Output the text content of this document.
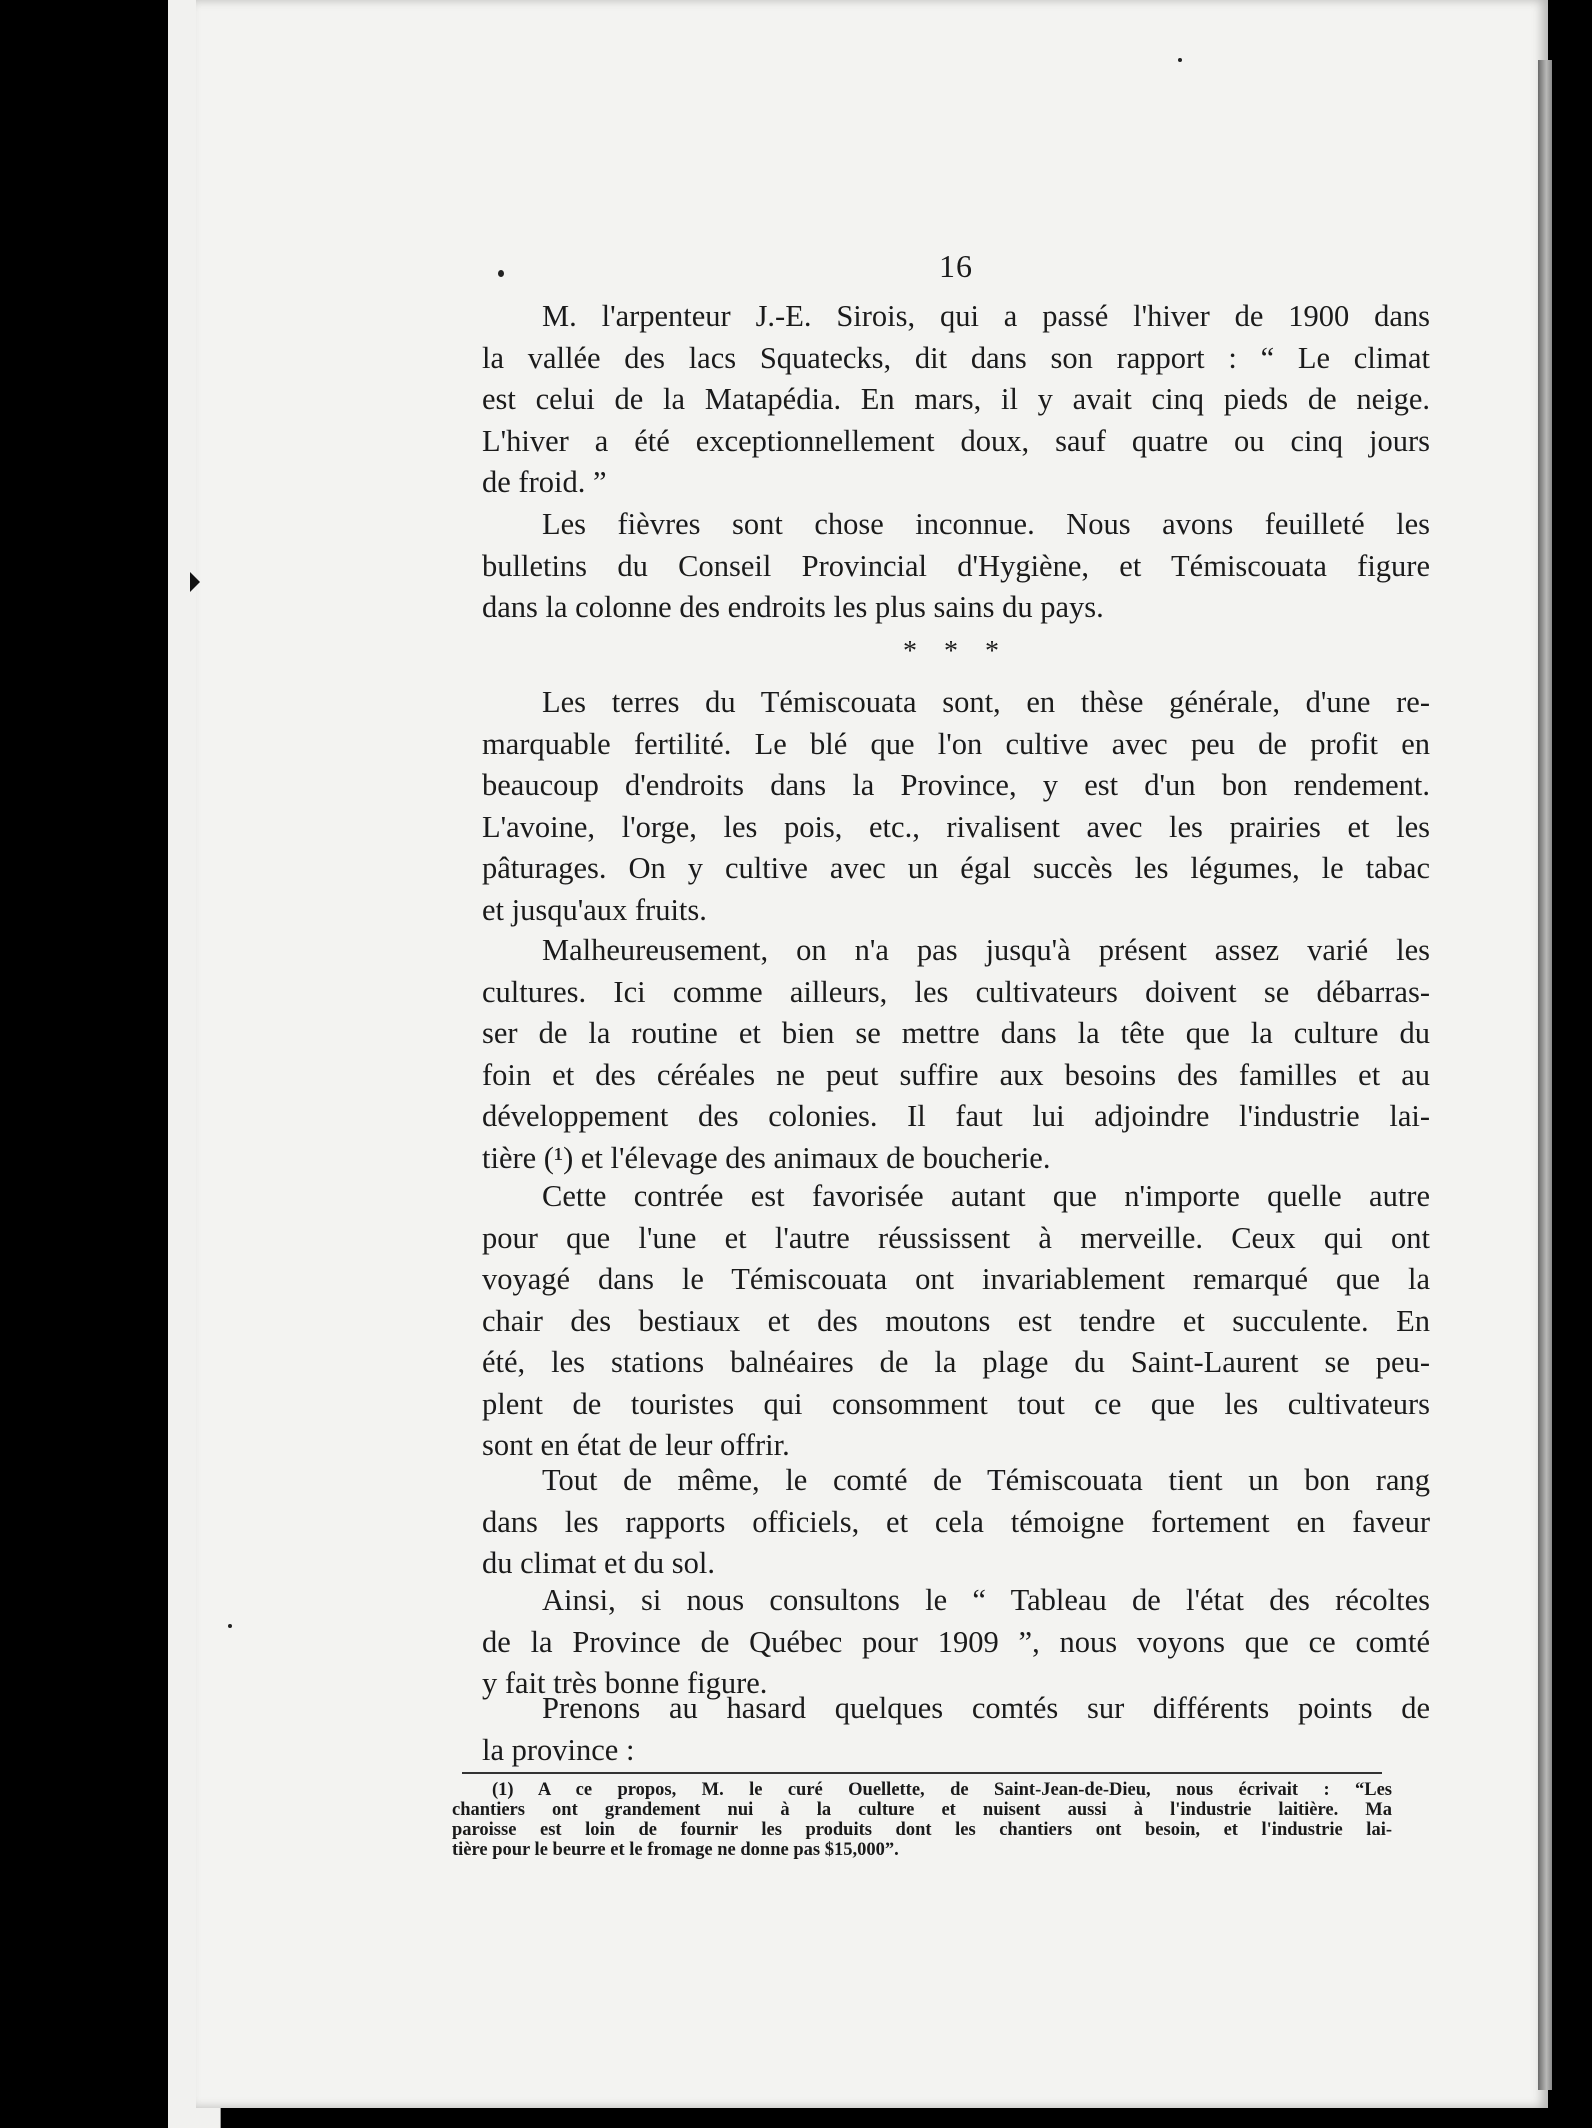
16

M. l'arpenteur J.-E. Sirois, qui a passé l'hiver de 1900 dans
la vallée des lacs Squatecks, dit dans son rapport : “ Le climat
est celui de la Matapédia. En mars, il y avait cinq pieds de neige.
L'hiver a été exceptionnellement doux, sauf quatre ou cinq jours
de froid. ”

Les fièvres sont chose inconnue. Nous avons feuilleté les
bulletins du Conseil Provincial d'Hygiène, et Témiscouata figure
dans la colonne des endroits les plus sains du pays.

* * *

Les terres du Témiscouata sont, en thèse générale, d'une re-
marquable fertilité. Le blé que l'on cultive avec peu de profit en
beaucoup d'endroits dans la Province, y est d'un bon rendement.
L'avoine, l'orge, les pois, etc., rivalisent avec les prairies et les
pâturages. On y cultive avec un égal succès les légumes, le tabac
et jusqu'aux fruits.

Malheureusement, on n'a pas jusqu'à présent assez varié les
cultures. Ici comme ailleurs, les cultivateurs doivent se débarras-
ser de la routine et bien se mettre dans la tête que la culture du
foin et des céréales ne peut suffire aux besoins des familles et au
développement des colonies. Il faut lui adjoindre l'industrie lai-
tière (¹) et l'élevage des animaux de boucherie.

Cette contrée est favorisée autant que n'importe quelle autre
pour que l'une et l'autre réussissent à merveille. Ceux qui ont
voyagé dans le Témiscouata ont invariablement remarqué que la
chair des bestiaux et des moutons est tendre et succulente. En
été, les stations balnéaires de la plage du Saint-Laurent se peu-
plent de touristes qui consomment tout ce que les cultivateurs
sont en état de leur offrir.

Tout de même, le comté de Témiscouata tient un bon rang
dans les rapports officiels, et cela témoigne fortement en faveur
du climat et du sol.

Ainsi, si nous consultons le “ Tableau de l'état des récoltes
de la Province de Québec pour 1909 ”, nous voyons que ce comté
y fait très bonne figure.

Prenons au hasard quelques comtés sur différents points de
la province :

(1) A ce propos, M. le curé Ouellette, de Saint-Jean-de-Dieu, nous écrivait : “Les
chantiers ont grandement nui à la culture et nuisent aussi à l'industrie laitière. Ma
paroisse est loin de fournir les produits dont les chantiers ont besoin, et l'industrie lai-
tière pour le beurre et le fromage ne donne pas $15,000”.
